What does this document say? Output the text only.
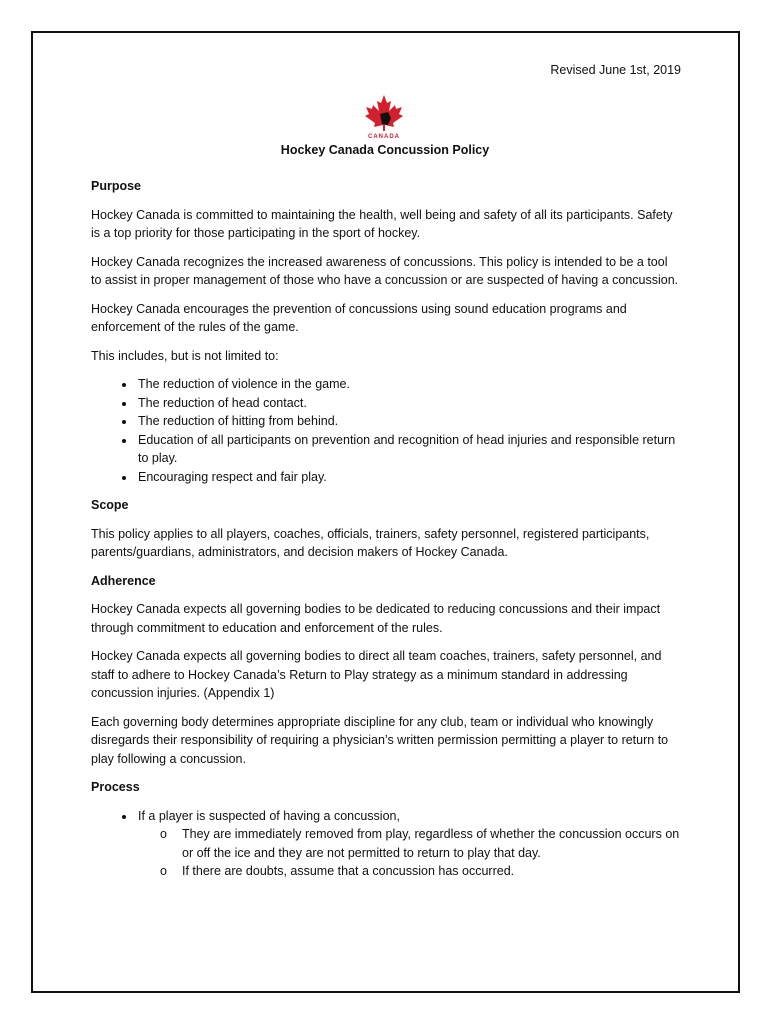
Revised June 1st, 2019
CANADA
Hockey Canada Concussion Policy
Purpose

Hockey Canada is committed to maintaining the health, well being and safety of all its participants. Safety is a top priority for those participating in the sport of hockey.

Hockey Canada recognizes the increased awareness of concussions. This policy is intended to be a tool to assist in proper management of those who have a concussion or are suspected of having a concussion.

Hockey Canada encourages the prevention of concussions using sound education programs and enforcement of the rules of the game.

This includes, but is not limited to:

• The reduction of violence in the game.
• The reduction of head contact.
• The reduction of hitting from behind.
• Education of all participants on prevention and recognition of head injuries and responsible return to play.
• Encouraging respect and fair play.
Scope

This policy applies to all players, coaches, officials, trainers, safety personnel, registered participants, parents/guardians, administrators, and decision makers of Hockey Canada.

Adherence

Hockey Canada expects all governing bodies to be dedicated to reducing concussions and their impact through commitment to education and enforcement of the rules.

Hockey Canada expects all governing bodies to direct all team coaches, trainers, safety personnel, and staff to adhere to Hockey Canada’s Return to Play strategy as a minimum standard in addressing concussion injuries. (Appendix 1)

Each governing body determines appropriate discipline for any club, team or individual who knowingly disregards their responsibility of requiring a physician’s written permission permitting a player to return to play following a concussion.

Process
• If a player is suspected of having a concussion,
o They are immediately removed from play, regardless of whether the concussion occurs on or off the ice and they are not permitted to return to play that day.
o If there are doubts, assume that a concussion has occurred.
